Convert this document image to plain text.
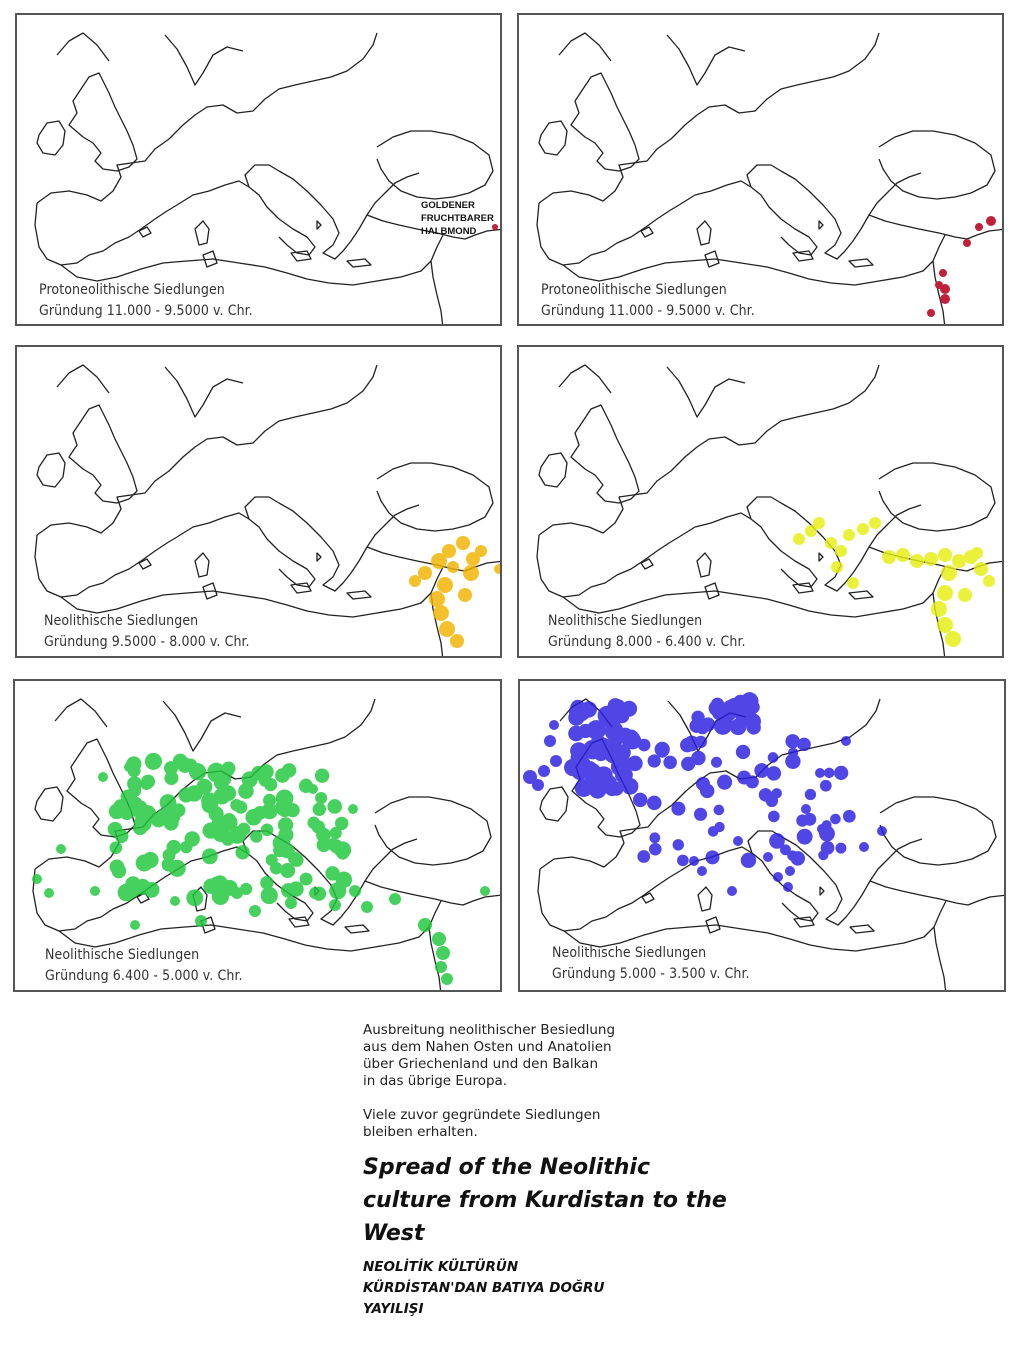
GOLDENER
FRUCHTBARER
HALBMOND
Protoneolithische Siedlungen
Gründung 11.000 - 9.5000 v. Chr.
Protoneolithische Siedlungen
Gründung 11.000 - 9.5000 v. Chr.
Neolithische Siedlungen
Gründung 9.5000 - 8.000 v. Chr.
Neolithische Siedlungen
Gründung 8.000 - 6.400 v. Chr.
Neolithische Siedlungen
Gründung 6.400 - 5.000 v. Chr.
Neolithische Siedlungen
Gründung 5.000 - 3.500 v. Chr.

Ausbreitung neolithischer Besiedlung
aus dem Nahen Osten und Anatolien
über Griechenland und den Balkan
in das übrige Europa.

Viele zuvor gegründete Siedlungen
bleiben erhalten.

Spread of the Neolithic
culture from Kurdistan to the
West
NEOLİTİK KÜLTÜRÜN
KÜRDİSTAN'DAN BATIYA DOĞRU
YAYILIŞI
